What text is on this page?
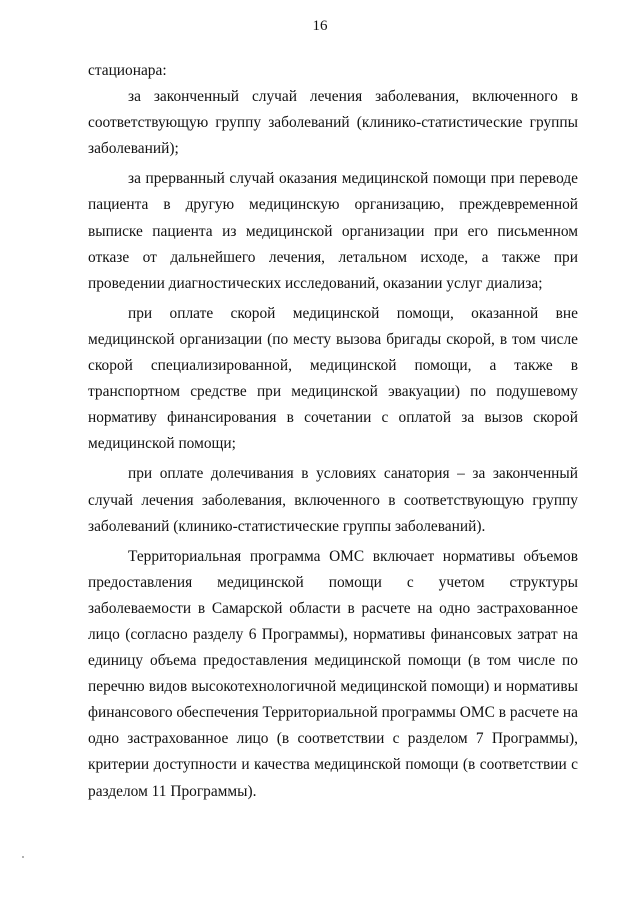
16

стационара:

за законченный случай лечения заболевания, включенного в соответствующую группу заболеваний (клинико-статистические группы заболеваний);

за прерванный случай оказания медицинской помощи при переводе пациента в другую медицинскую организацию, преждевременной выписке пациента из медицинской организации при его письменном отказе от дальнейшего лечения, летальном исходе, а также при проведении диагностических исследований, оказании услуг диализа;

при оплате скорой медицинской помощи, оказанной вне медицинской организации (по месту вызова бригады скорой, в том числе скорой специализированной, медицинской помощи, а также в транспортном средстве при медицинской эвакуации) по подушевому нормативу финансирования в сочетании с оплатой за вызов скорой медицинской помощи;

при оплате долечивания в условиях санатория – за законченный случай лечения заболевания, включенного в соответствующую группу заболеваний (клинико-статистические группы заболеваний).

Территориальная программа ОМС включает нормативы объемов предоставления медицинской помощи с учетом структуры заболеваемости в Самарской области в расчете на одно застрахованное лицо (согласно разделу 6 Программы), нормативы финансовых затрат на единицу объема предоставления медицинской помощи (в том числе по перечню видов высокотехнологичной медицинской помощи) и нормативы финансового обеспечения Территориальной программы ОМС в расчете на одно застрахованное лицо (в соответствии с разделом 7 Программы), критерии доступности и качества медицинской помощи (в соответствии с разделом 11 Программы).
